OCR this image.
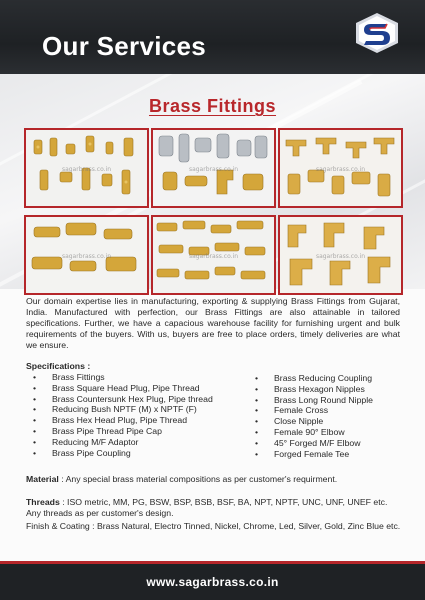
Our Services
Brass Fittings
sagarbrass.co.in	sagarbrass.co.in	sagarbrass.co.in
sagarbrass.co.in	sagarbrass.co.in	sagarbrass.co.in
Our domain expertise lies in manufacturing, exporting & supplying Brass Fittings from Gujarat, India. Manufactured with perfection, our Brass Fittings are also attainable in tailored specifications. Further, we have a capacious warehouse facility for furnishing urgent and bulk requirements of the buyers. With us, buyers are free to place orders, timely deliveries are what we ensure.
Specifications :
• Brass Fittings
• Brass Square Head Plug, Pipe Thread
• Brass Countersunk Hex Plug, Pipe thread
• Reducing Bush NPTF (M) x NPTF (F)
• Brass Hex Head Plug, Pipe Thread
• Brass Pipe Thread Pipe Cap
• Reducing M/F Adaptor
• Brass Pipe Coupling
• Brass Reducing Coupling
• Brass Hexagon Nipples
• Brass Long Round Nipple
• Female Cross
• Close Nipple
• Female 90° Elbow
• 45° Forged M/F Elbow
• Forged Female Tee
Material : Any special brass material compositions as per customer's requirment.
Threads : ISO metric, MM, PG, BSW, BSP, BSB, BSF, BA, NPT, NPTF, UNC, UNF, UNEF etc. Any threads as per customer's design.
Finish & Coating : Brass Natural, Electro Tinned, Nickel, Chrome, Led, Silver, Gold, Zinc Blue etc.
www.sagarbrass.co.in
